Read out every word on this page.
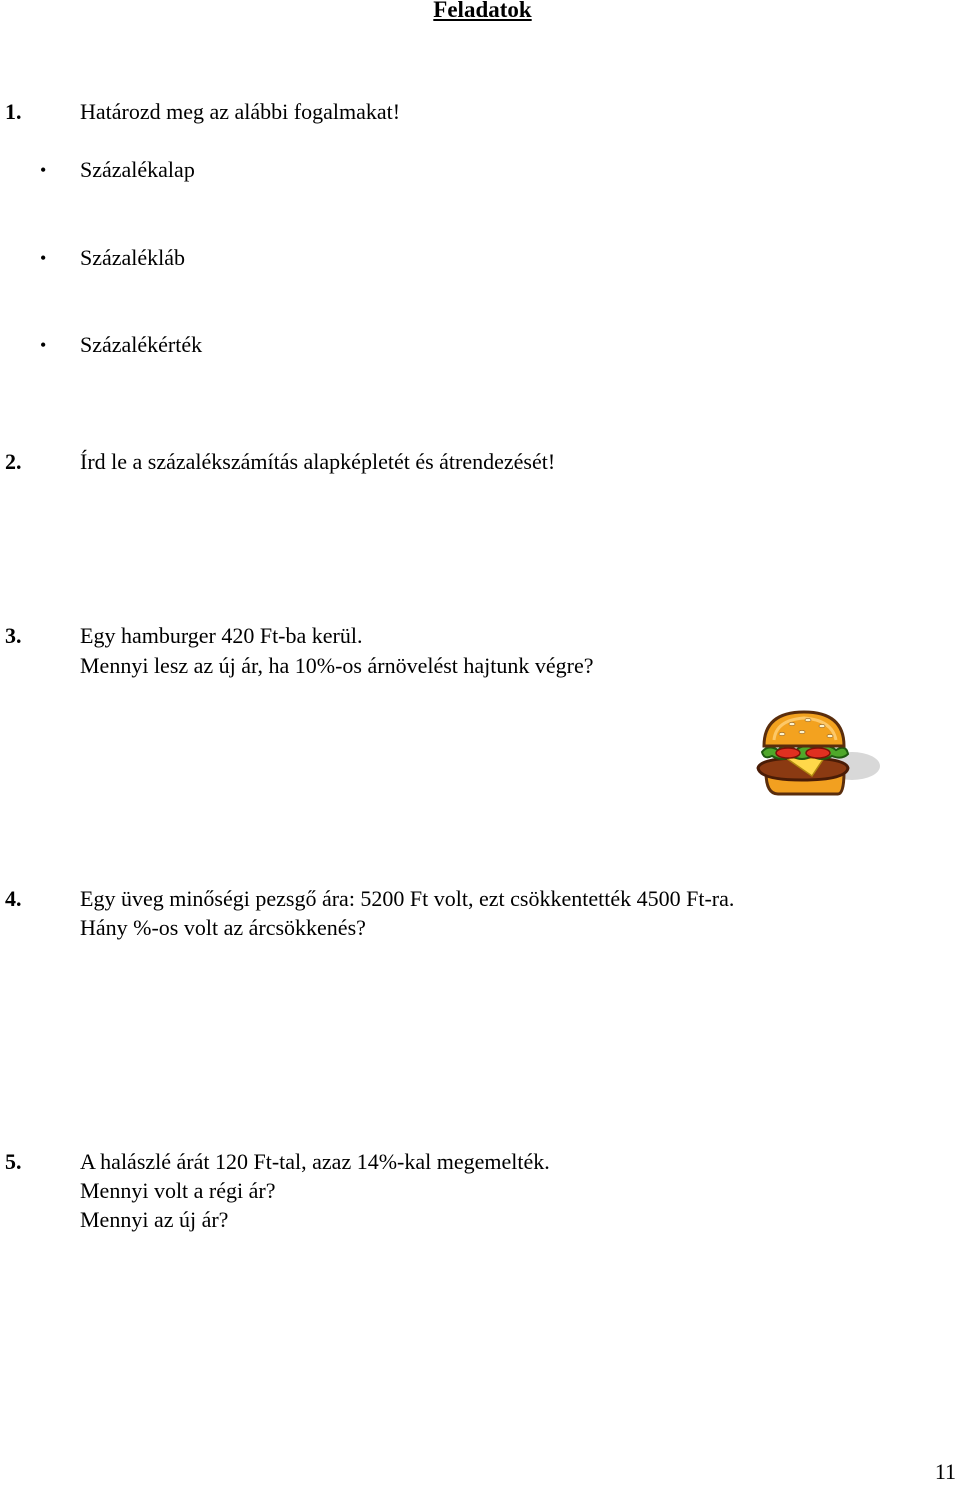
Feladatok
1.	Határozd meg az alábbi fogalmakat!
• Százalékalap
• Százalékláb
• Százalékérték
2.	Írd le a százalékszámítás alapképletét és átrendezését!
3.	Egy hamburger 420 Ft-ba kerül.
Mennyi lesz az új ár, ha 10%-os árnövelést hajtunk végre?
4.	Egy üveg minőségi pezsgő ára: 5200 Ft volt, ezt csökkentették 4500 Ft-ra.
Hány %-os volt az árcsökkenés?
5.	A halászlé árát 120 Ft-tal, azaz 14%-kal megemelték.
Mennyi volt a régi ár?
Mennyi az új ár?
11
